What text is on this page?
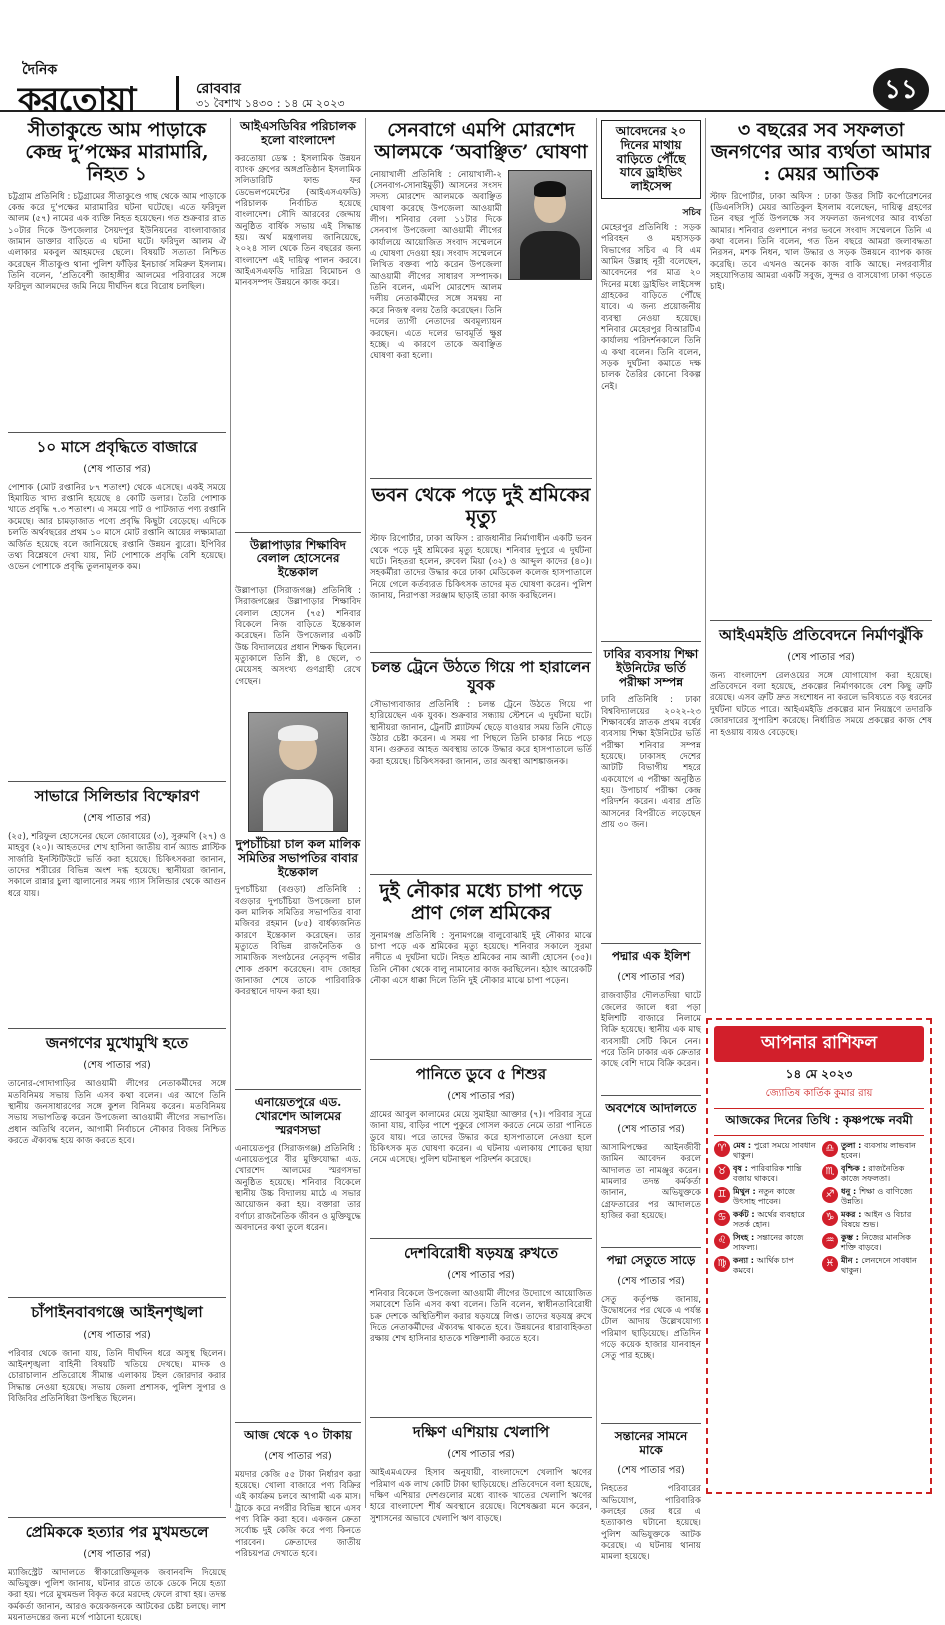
দৈনিক
করতোয়া	রোববার
৩১ বৈশাখ ১৪৩০ : ১৪ মে ২০২৩	১১
সীতাকুন্ডে আম পাড়াকে কেন্দ্র দু’পক্ষের মারামারি, নিহত ১
চট্টগ্রাম প্রতিনিধি : চট্টগ্রামের সীতাকুণ্ডে গাছ থেকে আম পাড়াকে কেন্দ্র করে দু’পক্ষের মারামারির ঘটনা ঘটেছে। এতে ফরিদুল আলম (৫৭) নামের এক ব্যক্তি নিহত হয়েছেন। গত শুক্রবার রাত ১০টার দিকে উপজেলার সৈয়দপুর ইউনিয়নের বাংলাবাজার জামান ডাক্তার বাড়িতে এ ঘটনা ঘটে। ফরিদুল আলম ঐ এলাকার মকবুল আহমদের ছেলে। বিষয়টি সত্যতা নিশ্চিত করেছেন সীতাকুণ্ড থানা পুলিশ ফাঁড়ির ইনচার্জ সমিরুল ইসলাম। তিনি বলেন, ‘প্রতিবেশী জাহাঙ্গীর আলমের পরিবারের সঙ্গে ফরিদুল আলমদের জমি নিয়ে দীর্ঘদিন ধরে বিরোধ চলছিল।
১০ মাসে প্রবৃদ্ধিতে বাজারে
(শেষ পাতার পর)
পোশাক (মোট রপ্তানির ৮৭ শতাংশ) থেকে এসেছে। একই সময়ে হিমায়িত খাদ্য রপ্তানি হয়েছে ৪ কোটি ডলার। তৈরি পোশাক খাতে প্রবৃদ্ধি ৭.৩ শতাংশ। এ সময়ে পাট ও পাটজাত পণ্য রপ্তানি কমেছে। আর চামড়াজাত পণ্যে প্রবৃদ্ধি কিছুটা বেড়েছে। এদিকে চলতি অর্থবছরের প্রথম ১০ মাসে মোট রপ্তানি আয়ের লক্ষ্যমাত্রা অর্জিত হয়েছে বলে জানিয়েছে রপ্তানি উন্নয়ন ব্যুরো। ইপিবির তথ্য বিশ্লেষণে দেখা যায়, নিট পোশাকে প্রবৃদ্ধি বেশি হয়েছে। ওভেন পোশাকে প্রবৃদ্ধি তুলনামূলক কম।
সাভারে সিলিন্ডার বিস্ফোরণ
(শেষ পাতার পর)
(২৫), শরিফুল হোসেনের ছেলে জোবায়ের (৩), সুরুমণি (২৭) ও মাহবুব (২০)। আহতদের শেখ হাসিনা জাতীয় বার্ন অ্যান্ড প্লাস্টিক সার্জারি ইনস্টিটিউটে ভর্তি করা হয়েছে। চিকিৎসকরা জানান, তাদের শরীরের বিভিন্ন অংশ দগ্ধ হয়েছে। স্থানীয়রা জানান, সকালে রান্নার চুলা জ্বালানোর সময় গ্যাস সিলিন্ডার থেকে আগুন ধরে যায়।
জনগণের মুখোমুখি হতে
(শেষ পাতার পর)
তানোর-গোদাগাড়ির আওয়ামী লীগের নেতাকর্মীদের সঙ্গে মতবিনিময় সভায় তিনি এসব কথা বলেন। এর আগে তিনি স্থানীয় জনসাধারণের সঙ্গে কুশল বিনিময় করেন। মতবিনিময় সভায় সভাপতিত্ব করেন উপজেলা আওয়ামী লীগের সভাপতি। প্রধান অতিথি বলেন, আগামী নির্বাচনে নৌকার বিজয় নিশ্চিত করতে ঐক্যবদ্ধ হয়ে কাজ করতে হবে।
চাঁপাইনবাবগঞ্জে আইনশৃঙ্খলা
(শেষ পাতার পর)
পরিবার থেকে জানা যায়, তিনি দীর্ঘদিন ধরে অসুস্থ ছিলেন। আইনশৃঙ্খলা বাহিনী বিষয়টি খতিয়ে দেখছে। মাদক ও চোরাচালান প্রতিরোধে সীমান্ত এলাকায় টহল জোরদার করার সিদ্ধান্ত নেওয়া হয়েছে। সভায় জেলা প্রশাসক, পুলিশ সুপার ও বিজিবির প্রতিনিধিরা উপস্থিত ছিলেন।
প্রেমিককে হত্যার পর মুখমন্ডলে
(শেষ পাতার পর)
ম্যাজিস্ট্রেট আদালতে স্বীকারোক্তিমূলক জবানবন্দি দিয়েছে অভিযুক্ত। পুলিশ জানায়, ঘটনার রাতে তাকে ডেকে নিয়ে হত্যা করা হয়। পরে মুখমন্ডল বিকৃত করে মরদেহ ফেলে রাখা হয়। তদন্ত কর্মকর্তা জানান, আরও কয়েকজনকে আটকের চেষ্টা চলছে। লাশ ময়নাতদন্তের জন্য মর্গে পাঠানো হয়েছে।
আইএসডিবির পরিচালক হলো বাংলাদেশ
করতোয়া ডেস্ক : ইসলামিক উন্নয়ন ব্যাংক গ্রুপের অঙ্গপ্রতিষ্ঠান ইসলামিক সলিডারিটি ফান্ড ফর ডেভেলপমেন্টের (আইএসএফডি) পরিচালক নির্বাচিত হয়েছে বাংলাদেশ। সৌদি আরবের জেদ্দায় অনুষ্ঠিত বার্ষিক সভায় এই সিদ্ধান্ত হয়। অর্থ মন্ত্রণালয় জানিয়েছে, ২০২৪ সাল থেকে তিন বছরের জন্য বাংলাদেশ এই দায়িত্ব পালন করবে। আইএসএফডি দারিদ্র্য বিমোচন ও মানবসম্পদ উন্নয়নে কাজ করে।
উল্লাপাড়ার শিক্ষাবিদ বেলাল হোসেনের ইন্তেকাল
উল্লাপাড়া (সিরাজগঞ্জ) প্রতিনিধি : সিরাজগঞ্জের উল্লাপাড়ার শিক্ষাবিদ বেলাল হোসেন (৭৫) শনিবার বিকেলে নিজ বাড়িতে ইন্তেকাল করেছেন। তিনি উপজেলার একটি উচ্চ বিদ্যালয়ের প্রধান শিক্ষক ছিলেন। মৃত্যুকালে তিনি স্ত্রী, ৪ ছেলে, ৩ মেয়েসহ অসংখ্য গুণগ্রাহী রেখে গেছেন।
দুপচাঁচিয়া চাল কল মালিক সমিতির সভাপতির বাবার ইন্তেকাল
দুপচাঁচিয়া (বগুড়া) প্রতিনিধি : বগুড়ার দুপচাঁচিয়া উপজেলা চাল কল মালিক সমিতির সভাপতির বাবা মজিবর রহমান (৮৫) বার্ধক্যজনিত কারণে ইন্তেকাল করেছেন। তার মৃত্যুতে বিভিন্ন রাজনৈতিক ও সামাজিক সংগঠনের নেতৃবৃন্দ গভীর শোক প্রকাশ করেছেন। বাদ জোহর জানাজা শেষে তাকে পারিবারিক কবরস্থানে দাফন করা হয়।
এনায়েতপুরে এড. খোরশেদ আলমের স্মরণসভা
এনায়েতপুর (সিরাজগঞ্জ) প্রতিনিধি : এনায়েতপুরে বীর মুক্তিযোদ্ধা এড. খোরশেদ আলমের স্মরণসভা অনুষ্ঠিত হয়েছে। শনিবার বিকেলে স্থানীয় উচ্চ বিদ্যালয় মাঠে এ সভার আয়োজন করা হয়। বক্তারা তার বর্ণাঢ্য রাজনৈতিক জীবন ও মুক্তিযুদ্ধে অবদানের কথা তুলে ধরেন।
আজ থেকে ৭০ টাকায়
(শেষ পাতার পর)
ময়দার কেজি ৫৫ টাকা নির্ধারণ করা হয়েছে। খোলা বাজারে পণ্য বিক্রির এই কার্যক্রম চলবে আগামী এক মাস। ট্রাকে করে নগরীর বিভিন্ন স্থানে এসব পণ্য বিক্রি করা হবে। একজন ক্রেতা সর্বোচ্চ দুই কেজি করে পণ্য কিনতে পারবেন। ক্রেতাদের জাতীয় পরিচয়পত্র দেখাতে হবে।
সেনবাগে এমপি মোরশেদ আলমকে ‘অবাঞ্ছিত’ ঘোষণা
নোয়াখালী প্রতিনিধি : নোয়াখালী-২ (সেনবাগ-সোনাইমুড়ী) আসনের সংসদ সদস্য মোরশেদ আলমকে অবাঞ্ছিত ঘোষণা করেছে উপজেলা আওয়ামী লীগ। শনিবার বেলা ১১টার দিকে সেনবাগ উপজেলা আওয়ামী লীগের কার্যালয়ে আয়োজিত সংবাদ সম্মেলনে এ ঘোষণা দেওয়া হয়। সংবাদ সম্মেলনে লিখিত বক্তব্য পাঠ করেন উপজেলা আওয়ামী লীগের সাধারণ সম্পাদক। তিনি বলেন, এমপি মোরশেদ আলম দলীয় নেতাকর্মীদের সঙ্গে সমন্বয় না করে নিজস্ব বলয় তৈরি করেছেন। তিনি দলের ত্যাগী নেতাদের অবমূল্যায়ন করছেন। এতে দলের ভাবমূর্তি ক্ষুণ্ণ হচ্ছে। এ কারণে তাকে অবাঞ্ছিত ঘোষণা করা হলো।
ভবন থেকে পড়ে দুই শ্রমিকের মৃত্যু
স্টাফ রিপোর্টার, ঢাকা অফিস : রাজধানীর নির্মাণাধীন একটি ভবন থেকে পড়ে দুই শ্রমিকের মৃত্যু হয়েছে। শনিবার দুপুরে এ দুর্ঘটনা ঘটে। নিহতরা হলেন, রুবেল মিয়া (৩২) ও আব্দুল কাদের (৪০)। সহকর্মীরা তাদের উদ্ধার করে ঢাকা মেডিকেল কলেজ হাসপাতালে নিয়ে গেলে কর্তব্যরত চিকিৎসক তাদের মৃত ঘোষণা করেন। পুলিশ জানায়, নিরাপত্তা সরঞ্জাম ছাড়াই তারা কাজ করছিলেন।
চলন্ত ট্রেনে উঠতে গিয়ে পা হারালেন যুবক
সৌভাগ্যবাজার প্রতিনিধি : চলন্ত ট্রেনে উঠতে গিয়ে পা হারিয়েছেন এক যুবক। শুক্রবার সন্ধ্যায় স্টেশনে এ দুর্ঘটনা ঘটে। স্থানীয়রা জানান, ট্রেনটি প্ল্যাটফর্ম ছেড়ে যাওয়ার সময় তিনি দৌড়ে উঠার চেষ্টা করেন। এ সময় পা পিছলে তিনি চাকার নিচে পড়ে যান। গুরুতর আহত অবস্থায় তাকে উদ্ধার করে হাসপাতালে ভর্তি করা হয়েছে। চিকিৎসকরা জানান, তার অবস্থা আশঙ্কাজনক।
দুই নৌকার মধ্যে চাপা পড়ে প্রাণ গেল শ্রমিকের
সুনামগঞ্জ প্রতিনিধি : সুনামগঞ্জে বালুবোঝাই দুই নৌকার মাঝে চাপা পড়ে এক শ্রমিকের মৃত্যু হয়েছে। শনিবার সকালে সুরমা নদীতে এ দুর্ঘটনা ঘটে। নিহত শ্রমিকের নাম আলী হোসেন (৩৫)। তিনি নৌকা থেকে বালু নামানোর কাজ করছিলেন। হঠাৎ আরেকটি নৌকা এসে ধাক্কা দিলে তিনি দুই নৌকার মাঝে চাপা পড়েন।
পানিতে ডুবে ৫ শিশুর
(শেষ পাতার পর)
গ্রামের আবুল কালামের মেয়ে সুমাইয়া আক্তার (৭)। পরিবার সূত্রে জানা যায়, বাড়ির পাশে পুকুরে গোসল করতে নেমে তারা পানিতে ডুবে যায়। পরে তাদের উদ্ধার করে হাসপাতালে নেওয়া হলে চিকিৎসক মৃত ঘোষণা করেন। এ ঘটনায় এলাকায় শোকের ছায়া নেমে এসেছে। পুলিশ ঘটনাস্থল পরিদর্শন করেছে।
দেশবিরোধী ষড়যন্ত্র রুখতে
(শেষ পাতার পর)
শনিবার বিকেলে উপজেলা আওয়ামী লীগের উদ্যোগে আয়োজিত সমাবেশে তিনি এসব কথা বলেন। তিনি বলেন, স্বাধীনতাবিরোধী চক্র দেশকে অস্থিতিশীল করার ষড়যন্ত্রে লিপ্ত। তাদের ষড়যন্ত্র রুখে দিতে নেতাকর্মীদের ঐক্যবদ্ধ থাকতে হবে। উন্নয়নের ধারাবাহিকতা রক্ষায় শেখ হাসিনার হাতকে শক্তিশালী করতে হবে।
দক্ষিণ এশিয়ায় খেলাপি
(শেষ পাতার পর)
আইএমএফের হিসাব অনুযায়ী, বাংলাদেশে খেলাপি ঋণের পরিমাণ এক লাখ কোটি টাকা ছাড়িয়েছে। প্রতিবেদনে বলা হয়েছে, দক্ষিণ এশিয়ার দেশগুলোর মধ্যে ব্যাংক খাতের খেলাপি ঋণের হারে বাংলাদেশ শীর্ষ অবস্থানে রয়েছে। বিশেষজ্ঞরা মনে করেন, সুশাসনের অভাবে খেলাপি ঋণ বাড়ছে।
আবেদনের ২০ দিনের মাথায় বাড়িতে পৌঁছে যাবে ড্রাইভিং লাইসেন্স
সচিব
মেহেরপুর প্রতিনিধি : সড়ক পরিবহন ও মহাসড়ক বিভাগের সচিব এ বি এম আমিন উল্লাহ নূরী বলেছেন, আবেদনের পর মাত্র ২০ দিনের মধ্যে ড্রাইভিং লাইসেন্স গ্রাহকের বাড়িতে পৌঁছে যাবে। এ জন্য প্রয়োজনীয় ব্যবস্থা নেওয়া হয়েছে। শনিবার মেহেরপুর বিআরটিএ কার্যালয় পরিদর্শনকালে তিনি এ কথা বলেন। তিনি বলেন, সড়ক দুর্ঘটনা কমাতে দক্ষ চালক তৈরির কোনো বিকল্প নেই।
ঢাবির ব্যবসায় শিক্ষা ইউনিটের ভর্তি পরীক্ষা সম্পন্ন
ঢাবি প্রতিনিধি : ঢাকা বিশ্ববিদ্যালয়ের ২০২২-২৩ শিক্ষাবর্ষের স্নাতক প্রথম বর্ষের ব্যবসায় শিক্ষা ইউনিটের ভর্তি পরীক্ষা শনিবার সম্পন্ন হয়েছে। ঢাকাসহ দেশের আটটি বিভাগীয় শহরে একযোগে এ পরীক্ষা অনুষ্ঠিত হয়। উপাচার্য পরীক্ষা কেন্দ্র পরিদর্শন করেন। এবার প্রতি আসনের বিপরীতে লড়েছেন প্রায় ৩০ জন।
পদ্মার এক ইলিশ
(শেষ পাতার পর)
রাজবাড়ীর দৌলতদিয়া ঘাটে জেলের জালে ধরা পড়া ইলিশটি বাজারে নিলামে বিক্রি হয়েছে। স্থানীয় এক মাছ ব্যবসায়ী সেটি কিনে নেন। পরে তিনি ঢাকার এক ক্রেতার কাছে বেশি দামে বিক্রি করেন।
অবশেষে আদালতে
(শেষ পাতার পর)
আসামিপক্ষের আইনজীবী জামিন আবেদন করলে আদালত তা নামঞ্জুর করেন। মামলার তদন্ত কর্মকর্তা জানান, অভিযুক্তকে গ্রেফতারের পর আদালতে হাজির করা হয়েছে।
পদ্মা সেতুতে সাড়ে
(শেষ পাতার পর)
সেতু কর্তৃপক্ষ জানায়, উদ্বোধনের পর থেকে এ পর্যন্ত টোল আদায় উল্লেখযোগ্য পরিমাণ ছাড়িয়েছে। প্রতিদিন গড়ে কয়েক হাজার যানবাহন সেতু পার হচ্ছে।
সন্তানের সামনে মাকে
(শেষ পাতার পর)
নিহতের পরিবারের অভিযোগ, পারিবারিক কলহের জের ধরে এ হত্যাকাণ্ড ঘটানো হয়েছে। পুলিশ অভিযুক্তকে আটক করেছে। এ ঘটনায় থানায় মামলা হয়েছে।
৩ বছরের সব সফলতা জনগণের আর ব্যর্থতা আমার : মেয়র আতিক
স্টাফ রিপোর্টার, ঢাকা অফিস : ঢাকা উত্তর সিটি কর্পোরেশনের (ডিএনসিসি) মেয়র আতিকুল ইসলাম বলেছেন, দায়িত্ব গ্রহণের তিন বছর পূর্তি উপলক্ষে সব সফলতা জনগণের আর ব্যর্থতা আমার। শনিবার গুলশানে নগর ভবনে সংবাদ সম্মেলনে তিনি এ কথা বলেন। তিনি বলেন, গত তিন বছরে আমরা জলাবদ্ধতা নিরসন, মশক নিধন, খাল উদ্ধার ও সড়ক উন্নয়নে ব্যাপক কাজ করেছি। তবে এখনও অনেক কাজ বাকি আছে। নগরবাসীর সহযোগিতায় আমরা একটি সবুজ, সুন্দর ও বাসযোগ্য ঢাকা গড়তে চাই।
আইএমইডি প্রতিবেদনে নির্মাণঝুঁকি
(শেষ পাতার পর)
জন্য বাংলাদেশ রেলওয়ের সঙ্গে যোগাযোগ করা হয়েছে। প্রতিবেদনে বলা হয়েছে, প্রকল্পের নির্মাণকাজে বেশ কিছু ত্রুটি রয়েছে। এসব ত্রুটি দ্রুত সংশোধন না করলে ভবিষ্যতে বড় ধরনের দুর্ঘটনা ঘটতে পারে। আইএমইডি প্রকল্পের মান নিয়ন্ত্রণে তদারকি জোরদারের সুপারিশ করেছে। নির্ধারিত সময়ে প্রকল্পের কাজ শেষ না হওয়ায় ব্যয়ও বেড়েছে।
আপনার রাশিফল
১৪ মে ২০২৩
জ্যোতিষ কার্তিক কুমার রায়
আজকের দিনের তিথি : কৃষ্ণপক্ষে নবমী
♈ মেষ : পুরো সময়ে সাবধান থাকুন।
♎ তুলা : ব্যবসায় লাভবান হবেন।
♉ বৃষ : পারিবারিক শান্তি বজায় থাকবে।
♏ বৃশ্চিক : রাজনৈতিক কাজে সফলতা।
♊ মিথুন : নতুন কাজে উৎসাহ পাবেন।
♐ ধনু : শিক্ষা ও বাণিজ্যে উন্নতি।
♋ কর্কট : অর্থের ব্যবহারে সতর্ক হোন।
♑ মকর : আইন ও বিচার বিষয়ে শুভ।
♌ সিংহ : সন্তানের কাজে সাফল্য।
♒ কুম্ভ : নিজের মানসিক শক্তি বাড়বে।
♍ কন্যা : আর্থিক চাপ কমবে।
♓ মীন : লেনদেনে সাবধান থাকুন।
